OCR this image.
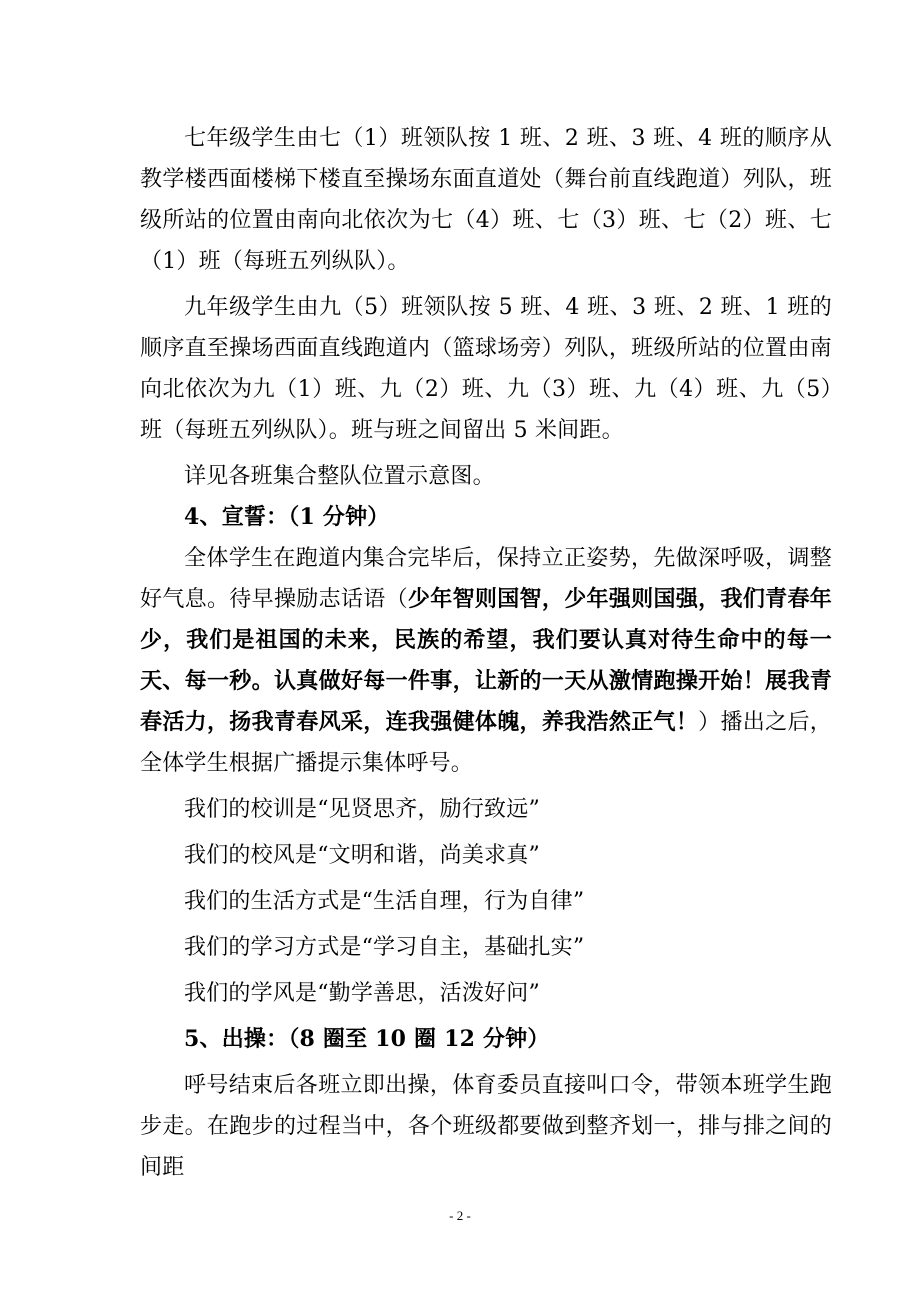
七年级学生由七（1）班领队按 1 班、2 班、3 班、4 班的顺序从教学楼西面楼梯下楼直至操场东面直道处（舞台前直线跑道）列队，班级所站的位置由南向北依次为七（4）班、七（3）班、七（2）班、七（1）班（每班五列纵队）。

九年级学生由九（5）班领队按 5 班、4 班、3 班、2 班、1 班的顺序直至操场西面直线跑道内（篮球场旁）列队，班级所站的位置由南向北依次为九（1）班、九（2）班、九（3）班、九（4）班、九（5）班（每班五列纵队）。班与班之间留出 5 米间距。

详见各班集合整队位置示意图。

4、宣誓：（1 分钟）

全体学生在跑道内集合完毕后，保持立正姿势，先做深呼吸，调整好气息。待早操励志话语（少年智则国智，少年强则国强，我们青春年少，我们是祖国的未来，民族的希望，我们要认真对待生命中的每一天、每一秒。认真做好每一件事，让新的一天从激情跑操开始！展我青春活力，扬我青春风采，连我强健体魄，养我浩然正气！）播出之后，全体学生根据广播提示集体呼号。

我们的校训是“见贤思齐，励行致远”

我们的校风是“文明和谐，尚美求真”

我们的生活方式是“生活自理，行为自律”

我们的学习方式是“学习自主，基础扎实”

我们的学风是“勤学善思，活泼好问”

5、出操：（8 圈至 10 圈 12 分钟）

呼号结束后各班立即出操，体育委员直接叫口令，带领本班学生跑步走。在跑步的过程当中，各个班级都要做到整齐划一，排与排之间的间距

- 2 -
